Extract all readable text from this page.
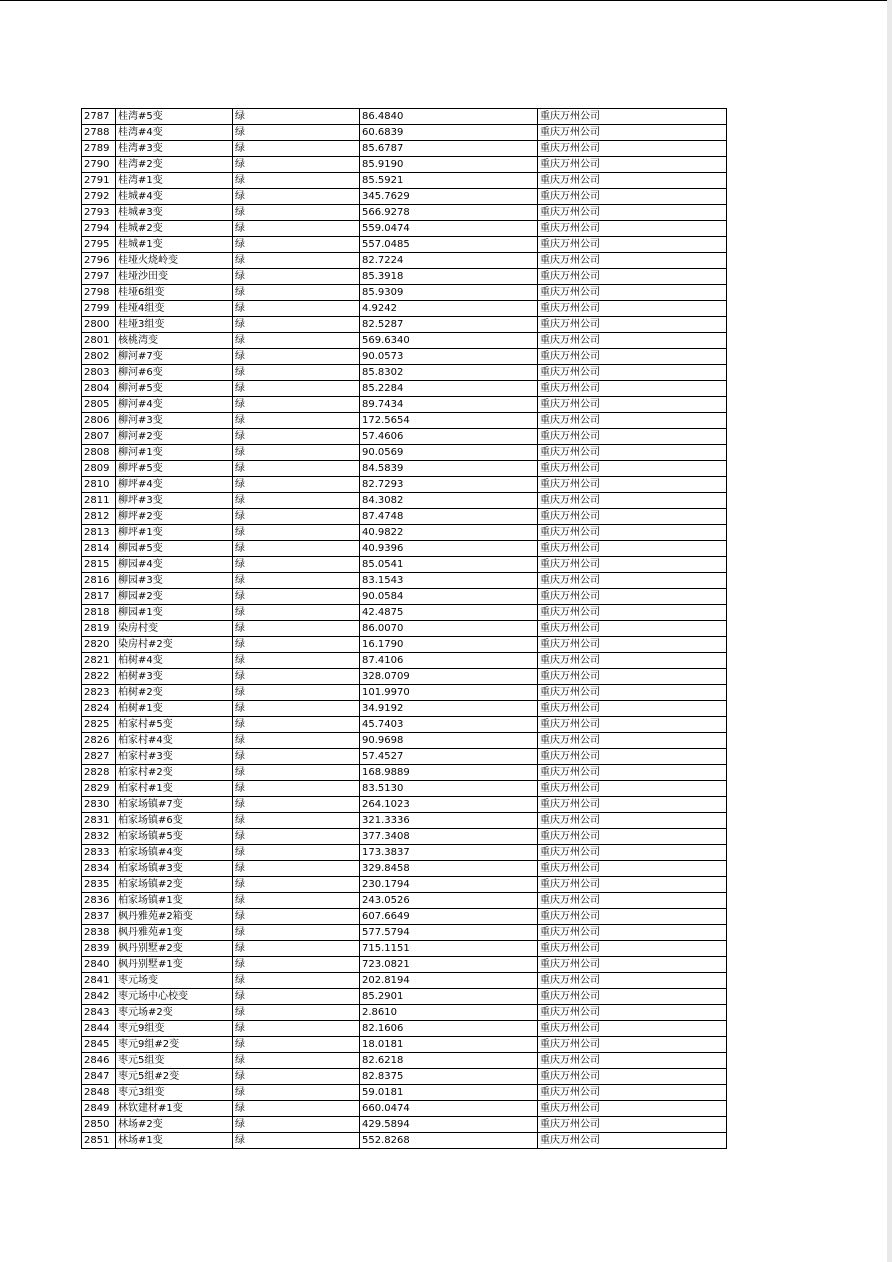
2787	桂湾#5变	绿	86.4840	重庆万州公司
2788	桂湾#4变	绿	60.6839	重庆万州公司
2789	桂湾#3变	绿	85.6787	重庆万州公司
2790	桂湾#2变	绿	85.9190	重庆万州公司
2791	桂湾#1变	绿	85.5921	重庆万州公司
2792	桂城#4变	绿	345.7629	重庆万州公司
2793	桂城#3变	绿	566.9278	重庆万州公司
2794	桂城#2变	绿	559.0474	重庆万州公司
2795	桂城#1变	绿	557.0485	重庆万州公司
2796	桂垭火烧岭变	绿	82.7224	重庆万州公司
2797	桂垭沙田变	绿	85.3918	重庆万州公司
2798	桂垭6组变	绿	85.9309	重庆万州公司
2799	桂垭4组变	绿	4.9242	重庆万州公司
2800	桂垭3组变	绿	82.5287	重庆万州公司
2801	核桃湾变	绿	569.6340	重庆万州公司
2802	柳河#7变	绿	90.0573	重庆万州公司
2803	柳河#6变	绿	85.8302	重庆万州公司
2804	柳河#5变	绿	85.2284	重庆万州公司
2805	柳河#4变	绿	89.7434	重庆万州公司
2806	柳河#3变	绿	172.5654	重庆万州公司
2807	柳河#2变	绿	57.4606	重庆万州公司
2808	柳河#1变	绿	90.0569	重庆万州公司
2809	柳坪#5变	绿	84.5839	重庆万州公司
2810	柳坪#4变	绿	82.7293	重庆万州公司
2811	柳坪#3变	绿	84.3082	重庆万州公司
2812	柳坪#2变	绿	87.4748	重庆万州公司
2813	柳坪#1变	绿	40.9822	重庆万州公司
2814	柳园#5变	绿	40.9396	重庆万州公司
2815	柳园#4变	绿	85.0541	重庆万州公司
2816	柳园#3变	绿	83.1543	重庆万州公司
2817	柳园#2变	绿	90.0584	重庆万州公司
2818	柳园#1变	绿	42.4875	重庆万州公司
2819	染房村变	绿	86.0070	重庆万州公司
2820	染房村#2变	绿	16.1790	重庆万州公司
2821	柏树#4变	绿	87.4106	重庆万州公司
2822	柏树#3变	绿	328.0709	重庆万州公司
2823	柏树#2变	绿	101.9970	重庆万州公司
2824	柏树#1变	绿	34.9192	重庆万州公司
2825	柏家村#5变	绿	45.7403	重庆万州公司
2826	柏家村#4变	绿	90.9698	重庆万州公司
2827	柏家村#3变	绿	57.4527	重庆万州公司
2828	柏家村#2变	绿	168.9889	重庆万州公司
2829	柏家村#1变	绿	83.5130	重庆万州公司
2830	柏家场镇#7变	绿	264.1023	重庆万州公司
2831	柏家场镇#6变	绿	321.3336	重庆万州公司
2832	柏家场镇#5变	绿	377.3408	重庆万州公司
2833	柏家场镇#4变	绿	173.3837	重庆万州公司
2834	柏家场镇#3变	绿	329.8458	重庆万州公司
2835	柏家场镇#2变	绿	230.1794	重庆万州公司
2836	柏家场镇#1变	绿	243.0526	重庆万州公司
2837	枫丹雅苑#2箱变	绿	607.6649	重庆万州公司
2838	枫丹雅苑#1变	绿	577.5794	重庆万州公司
2839	枫丹别墅#2变	绿	715.1151	重庆万州公司
2840	枫丹别墅#1变	绿	723.0821	重庆万州公司
2841	枣元场变	绿	202.8194	重庆万州公司
2842	枣元场中心校变	绿	85.2901	重庆万州公司
2843	枣元场#2变	绿	2.8610	重庆万州公司
2844	枣元9组变	绿	82.1606	重庆万州公司
2845	枣元9组#2变	绿	18.0181	重庆万州公司
2846	枣元5组变	绿	82.6218	重庆万州公司
2847	枣元5组#2变	绿	82.8375	重庆万州公司
2848	枣元3组变	绿	59.0181	重庆万州公司
2849	林钦建材#1变	绿	660.0474	重庆万州公司
2850	林场#2变	绿	429.5894	重庆万州公司
2851	林场#1变	绿	552.8268	重庆万州公司
